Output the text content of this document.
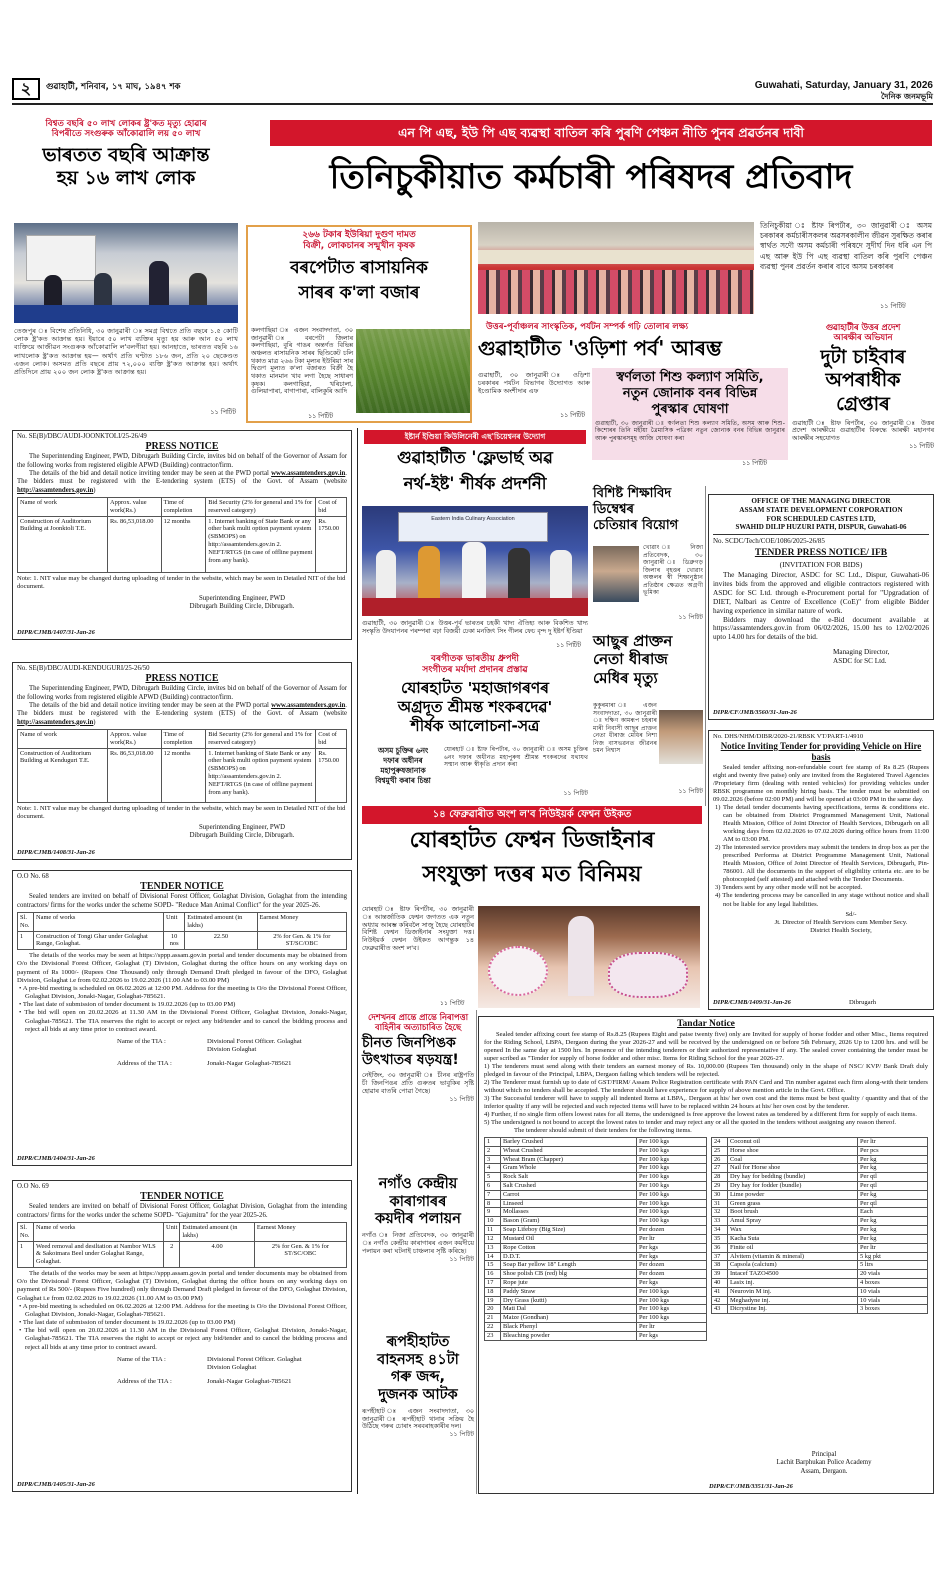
২	গুৱাহাটী, শনিবাৰ, ১৭ মাঘ, ১৯৪৭ শক	Guwahati, Saturday, January 31, 2026
দৈনিক জনমভূমি
বিশ্বত বছৰি ৫০ লাখ লোকৰ ষ্ট্ৰ'কত মৃত্যু হোৱাৰ
বিপৰীতে সংগুৰুক আঁকোৱালি লয় ৫০ লাখ
ভাৰতত বছৰি আক্ৰান্ত
হয় ১৬ লাখ লোক
তেজপুৰ ঃ বিশেষ প্ৰতিনিধি, ৩০ জানুৱাৰী ঃ সমগ্ৰ বিশ্বতে প্ৰতি বছৰে ১.৫ কোটি লোক ষ্ট্ৰ'কত আক্ৰান্ত হয়। ইয়াৰে ৫০ লাখ ব্যক্তিৰ মৃত্যু হয় আৰু আন ৫০ লাখ ব্যক্তিয়ে আজীৱন সংগুৰুক আঁকোৱালি ল'বলগীয়া হয়। আনহাতে, ভাৰতত বছৰি ১৬ লাখলোক ষ্ট্ৰ'কত আক্ৰান্ত হয়— অৰ্থাৎ প্ৰতি ঘণ্টাত ১৮৬ জন, প্ৰতি ২০ ছেকেণ্ডত এজন লোক। অসমত প্ৰতি বছৰে প্ৰায় ৭২,০০০ ব্যক্তি ষ্ট্ৰ'কত আক্ৰান্ত হয়। অৰ্থাৎ প্ৰতিদিনে প্ৰায় ২০০ জন লোক ষ্ট্ৰ'কত আক্ৰান্ত হয়।
১১ পিটিট
এন পি এছ, ইউ পি এছ ব্যৱস্থা বাতিল কৰি পুৰণি পেঞ্চন নীতি পুনৰ প্ৰৱৰ্তনৰ দাবী
তিনিচুকীয়াত কৰ্মচাৰী পৰিষদৰ প্ৰতিবাদ
২৬৬ টকাৰ ইউৰিয়া দুগুণ দামত
বিক্ৰী, লোকচানৰ সন্মুখীন কৃষক
বৰপেটাত ৰাসায়নিক
সাৰৰ ক'লা বজাৰ
কলগাছিয়া ঃ এজন সংবাদদাতা, ৩০ জানুৱাৰী ঃ বৰপেটা জিলাৰ কলগাছিয়া, বুৰি গাঙৰ অন্তৰ্গত বিভিন্ন অঞ্চলত ৰাসায়নিক সাৰৰ ছিণ্ডিকেট চলি থকাত মাত্ৰ ২৬৬ টকা মূল্যৰ ইউৰিয়া সাৰ দ্বিগুণ মূল্যত ক'লা বজাৰত বিক্ৰী হৈ থকাত মানমান খাব লগা হৈছে সাধাৰণ কৃষক। কলগাছিয়া, খৰিচালা, গুলিয়াপাৰা, বাগাপাৰা, বালিকুৰি আদি
১১ পিটিট
তিনিচুকীয়া ঃ ষ্টাফ ৰিপৰ্টাৰ, ৩০ জানুৱাৰী ঃ অসম চৰকাৰৰ কৰ্মচাৰীসকলৰ অৱসৰকালীন জীৱন সুৰক্ষিত কৰাৰ স্বাৰ্থত সদৌ অসম কৰ্মচাৰী পৰিষদে সুদীৰ্ঘ দিন ধৰি এন পি এছ আৰু ইউ পি এছ ব্যৱস্থা বাতিল কৰি পুৰণি পেঞ্চন ব্যৱস্থা পুনৰ প্ৰৱৰ্তন কৰাৰ বাবে অসম চৰকাৰৰ
১১ পিটিট
উত্তৰ-পূৰ্বাঞ্চলৰ সাংস্কৃতিক, পৰ্যটন সম্পৰ্ক গঢ়ি তোলাৰ লক্ষ্য
গুৱাহাটীত 'ওড়িশা পৰ্ব' আৰম্ভ
গুৱাহাটী, ৩০ জানুৱাৰী ঃ ওড়িশা চৰকাৰৰ পৰ্যটন বিভাগৰ উদ্যোগত আৰু ইণ্ডোমিক অংশীদাৰ এফ
১১ পিটিট
স্বৰ্ণলতা শিশু কল্যাণ সমিতি,
নতুন জোনাক বনৰ বিভিন্ন
পুৰস্কাৰ ঘোষণা
গুৱাহাটী, ৩০ জানুৱাৰী ঃ স্বৰ্ণলতা শিশু কল্যাণ সমিতি, অসম আৰু শিশু-কিশোৰৰ তিনি মহীয়া ত্ৰৈমাসিক পত্ৰিকা নতুন জোনাক বনৰ বিভিন্ন জানুৱাৰ আৰু পুৰস্কাৰসমূহ আজি ঘোষণা কৰা
১১ পিটিট
গুৱাহাটীৰ উত্তৰ প্ৰদেশ
আৰক্ষীৰ অভিযান
দুটা চাইবাৰ
অপৰাধীক
গ্ৰেপ্তাৰ
গুৱাহাটী ঃ ষ্টাফ ৰিপৰ্টাৰ, ৩০ জানুৱাৰী ঃ উত্তৰ প্ৰদেশ আৰক্ষীয়ে গুৱাহাটীৰ বিৰুদ্ধে আৰক্ষী মহানগৰ আৰক্ষীৰ সহযোগত
১১ পিটিট
No. SE(B)/DBC/AUDI-JOONKTOLI/25-26/49
PRESS NOTICE
The Superintending Engineer, PWD, Dibrugarh Building Circle, invites bid on behalf of the Governor of Assam for the following works from registered eligible APWD (Building) contractor/firm.
The details of the bid and detail notice inviting tender may be seen at the PWD portal www.assamtenders.gov.in. The bidders must be registered with the E-tendering system (ETS) of the Govt. of Assam (website http://assamtenders.gov.in)
Name of work	Approx. value work(Rs.)	Time of completion	Bid Security (2% for general and 1% for reserved category)	Cost of bid
Construction of Auditorium Building at Joonktoli T.E.	Rs. 86,53,018.00	12 months	1. Internet banking of State Bank or any other bank multi option payment system (SBMOPS) on http://assamtenders.gov.in 2. NEFT/RTGS (in case of offline payment from any bank).	Rs. 1750.00
Note: 1. NIT value may be changed during uploading of tender in the website, which may be seen in Detailed NIT of the bid document.
Superintending Engineer, PWD
Dibrugarh Building Circle, Dibrugarh.
DIPR/CJMB/1407/31-Jan-26
No. SE(B)/DBC/AUDI-KENDUGURI/25-26/50
PRESS NOTICE
The Superintending Engineer, PWD, Dibrugarh Building Circle, invites bid on behalf of the Governor of Assam for the following works from registered eligible APWD (Building) contractor/firm.
The details of the bid and detail notice inviting tender may be seen at the PWD portal www.assamtenders.gov.in. The bidders must be registered with the E-tendering system (ETS) of the Govt. of Assam (website http://assamtenders.gov.in)
Name of work	Approx. value work(Rs.)	Time of completion	Bid Security (2% for general and 1% for reserved category)	Cost of bid
Construction of Auditorium Building at Kenduguri T.E.	Rs. 86,53,018.00	12 months	1. Internet banking of State Bank or any other bank multi option payment system (SBMOPS) on http://assamtenders.gov.in 2. NEFT/RTGS (in case of offline payment from any bank).	Rs. 1750.00
Note: 1. NIT value may be changed during uploading of tender in the website, which may be seen in Detailed NIT of the bid document.
Superintending Engineer, PWD
Dibrugarh Building Circle, Dibrugarh.
DIPR/CJMB/1408/31-Jan-26
O.O No. 68
TENDER NOTICE
Sealed tenders are invited on behalf of Divisional Forest Officer, Golaghat Division, Golaghat from the intending contractors/ firms for the works under the scheme SOPD- "Reduce Man Animal Conflict" for the year 2025-26.
Sl. No.	Name of works	Unit	Estimated amount (in lakhs)	Earnest Money
1	Construction of Tongi Ghar under Golaghat Range, Golaghat.	10 nos	22.50	2% for Gen. & 1% for ST/SC/OBC
The details of the works may be seen at https://sppp.assam.gov.in portal and tender documents may be obtained from O/o the Divisional Forest Officer, Golaghat (T) Division, Golaghat during the office hours on any working days on payment of Rs 1000/- (Rupees One Thousand) only through Demand Draft pledged in favour of the DFO, Golaghat Division, Golaghat i.e from 02.02.2026 to 19.02.2026 (11.00 AM to 03.00 PM)
• A pre-bid meeting is scheduled on 06.02.2026 at 12:00 PM. Address for the meeting is O/o the Divisional Forest Officer, Golaghat Division, Jonaki-Nagar, Golaghat-785621.
• The last date of submission of tender document is 19.02.2026 (up to 03.00 PM)
• The bid will open on 20.02.2026 at 11.30 AM in the Divisional Forest Officer, Golaghat Division, Jonaki-Nagar, Golaghat-785621. The TIA reserves the right to accept or reject any bid/tender and to cancel the bidding process and reject all bids at any time prior to contract award.
Name of the TIA :	Divisional Forest Officer. Golaghat Division Golaghat
Address of the TIA :	Jonaki-Nagar Golaghat-785621
DIPR/CJMB/1404/31-Jan-26
O.O No. 69
TENDER NOTICE
Sealed tenders are invited on behalf of Divisional Forest Officer, Golaghat Division, Golaghat from the intending contractors/ firms for the works under the scheme SOPD- "Gajumitra" for the year 2025-26.
Sl. No.	Name of works	Unit	Estimated amount (in lakhs)	Earnest Money
1	Weed removal and desiltation at Nambor WLS & Sakoimara Beel under Golaghat Range, Golaghat.	2	4.00	2% for Gen. & 1% for ST/SC/OBC
The details of the works may be seen at https://sppp.assam.gov.in portal and tender documents may be obtained from O/o the Divisional Forest Officer, Golaghat (T) Division, Golaghat during the office hours on any working days on payment of Rs 500/- (Rupees Five hundred) only through Demand Draft pledged in favour of the DFO, Golaghat Division, Golaghat i.e from 02.02.2026 to 19.02.2026 (11.00 AM to 03.00 PM)
• A pre-bid meeting is scheduled on 06.02.2026 at 12:00 PM. Address for the meeting is O/o the Divisional Forest Officer, Golaghat Division, Jonaki-Nagar, Golaghat-785621.
• The last date of submission of tender document is 19.02.2026 (up to 03.00 PM)
• The bid will open on 20.02.2026 at 11.30 AM in the Divisional Forest Officer, Golaghat Division, Jonaki-Nagar, Golaghat-785621. The TIA reserves the right to accept or reject any bid/tender and to cancel the bidding process and reject all bids at any time prior to contract award.
Name of the TIA :	Divisional Forest Officer. Golaghat Division Golaghat
Address of the TIA :	Jonaki-Nagar Golaghat-785621
DIPR/CJMB/1405/31-Jan-26
ইষ্টাৰ্ন ইণ্ডিয়া কিউলিনেৰী এছ'চিয়েশ্বনৰ উদ্যোগ
গুৱাহাটীত 'ফ্লেভাৰ্ছ অৱ
নৰ্থ-ইষ্ট' শীৰ্ষক প্ৰদৰ্শনী
Eastern India Culinary Association
গুৱাহাটী, ৩০ জানুৱাৰী ঃ উত্তৰ-পূৰ্ব ভাৰতৰ চহকী খাদ্য ঐতিহ্য আৰু বিকশিত খাদ্য সংস্কৃতি উদযাপনৰ পৰম্পৰা বঢ়া বিজয়ী ঢেকা মনজিৎ সিং গীলৰ ফেচ বৃন্দ দু ইষ্টৰ্ণ ইণ্ডিয়া
১১ পিটিট
বিশিষ্ট শিক্ষাবিদ
ডিম্বেশ্বৰ
চেতিয়াৰ বিয়োগ
খোৱাং ঃ নিজা প্ৰতিবেদক, ৩০ জানুৱাৰী ঃ ডিব্ৰুগড় জিলাৰ বৃহত্তৰ খোৱাং অঞ্চলৰ স্বী শিক্ষানুষ্ঠান প্ৰতিষ্ঠাৰ ক্ষেত্ৰত অগ্ৰণী ভূমিকা
১১ পিটিট
আছুৰ প্ৰাক্তন
নেতা ধীৰাজ
মেধিৰ মৃত্যু
কুকুৰমাৰা ঃ এজন সংবাদদাতা, ৩০ জানুৱাৰী ঃ দক্ষিণ কামৰূপ চহৰাৰ মাৰী নিবাসী আছুৰ প্ৰাক্তন নেতা ধীৰাজ মেধিৰ নিশা নিজ বাসভৱনত জীৱনৰ চমন নিশ্বাস
১১ পিটিট
বৰগীতক ভাৰতীয় ধ্ৰুপদী
সংগীতৰ মৰ্যাদা প্ৰদানৰ প্ৰস্তাৱ
যোৰহাটত 'মহাজাগৰণৰ
অগ্ৰদূত শ্ৰীমন্ত শংকৰদেৱ'
শীৰ্ষক আলোচনা-সত্ৰ
অসম চুক্তিৰ ৬নং
দফাৰ অধীনৰ
মহাপুৰুষজানাক
বিশ্বমুখী কৰাৰ চিন্তা
যোৰহাট ঃ ষ্টাফ ৰিপৰ্টাৰ, ৩০ জানুৱাৰী ঃ অসম চুক্তিৰ ৬নং দফাৰ অধীনত মহাপুৰুষ শ্ৰীমন্ত শংকৰদেৱ যথাযথ সম্মান আৰু স্বীকৃতি প্ৰদান কৰা
১১ পিটিট
১৪ ফেব্ৰুৱাৰীত অংশ ল'ব নিউইয়ৰ্ক ফেশ্বন উইকত
যোৰহাটত ফেশ্বন ডিজাইনাৰ
সংযুক্তা দত্তৰ মত বিনিময়
যোৰহাট ঃ ষ্টাফ ৰিপৰ্টাৰ, ৩০ জানুৱাৰী ঃ আন্তৰ্জাতিক ফেশ্বন জগতত এক নতুন অধ্যায় আৰম্ভ কৰিবলৈ সাজু হৈছে যোৰহাটৰ বিশিষ্ট ফেশ্বন ডিজাইনাৰ সংযুক্তা দত্ত। নিউইয়ৰ্ক ফেশ্বন উইকত আগন্তুক ১৪ ফেব্ৰুৱাৰীত অংশ ল'ব।
১১ পিটিট
দেশখনৰ প্ৰান্তে প্ৰান্তে নিৰাপত্তা বাহিনীৰ অত্যাচাৰিত হৈছে
চীনত জিনপিঙক
উৎখাতৰ ষড়যন্ত্ৰ!
নেইজিং, ৩০ জানুৱাৰী ঃ চীনৰ ৰাষ্ট্ৰপতি চী জিনপিঙৰ প্ৰতি গুৰুতৰ ভাবুকিৰ সৃষ্টি হোৱাৰ বাতৰি পোৱা গৈছে।
১১ পিটিট
নগাঁও কেন্দ্ৰীয়
কাৰাগাৰৰ
কয়দীৰ পলায়ন
নগাঁও ঃ নিজা প্ৰতিবেদক, ৩০ জানুৱাৰী ঃ নগাঁও কেন্দ্ৰীয় কাৰাগাৰৰ এজন কয়দীয়ে পলায়ন কৰা ঘটনাই চাঞ্চল্যৰ সৃষ্টি কৰিছে।
১১ পিটিট
ৰূপহীহাটত
বাহনসহ ৪১টা
গৰু জব্দ,
দুজনক আটক
ৰূপহীহাট ঃ এজন সংবাদদাতা, ৩০ জানুৱাৰী ঃ ৰূপহীহাট থানাৰ সক্ৰিয় হৈ উঠিছে গৰুৰ চোৰাং সৰবৰাহকাৰীৰ দল।
১১ পিটিট
OFFICE OF THE MANAGING DIRECTOR
ASSAM STATE DEVELOPMENT CORPORATION
FOR SCHEDULED CASTES LTD,
SWAHID DILIP HUZURI PATH, DISPUR, Guwahati-06
No. SCDC/Tech/COE/1086/2025-26/85
TENDER PRESS NOTICE/ IFB
(INVITATION FOR BIDS)
The Managing Director, ASDC for SC Ltd., Dispur, Guwahati-06 invites bids from the approved and eligible contractors registered with ASDC for SC Ltd. through e-Procurement portal for "Upgradation of DIET, Nalbari as Centre of Excellence (CoE)" from eligible Bidder having experience in similar nature of work.
Bidders may download the e-Bid document available at https://assamtenders.gov.in from 06/02/2026, 15.00 hrs to 12/02/2026 upto 14.00 hrs for details of the bid.
Managing Director,
ASDC for SC Ltd.
DIPR/CF/JMB/3560/31-Jan-26
No. DHS/NHM/DIBR/2020-21/RBSK VT/PART-1/4910
Notice Inviting Tender for providing Vehicle on Hire basis
Sealed tender affixing non-refundable court fee stamp of Rs 8.25 (Rupees eight and twenty five paise) only are invited from the Registered Travel Agencies /Proprietary firm (dealing with rented vehicles) for providing vehicles under RBSK programme on monthly hiring basis. The tender must be submitted on 09.02.2026 (before 02:00 PM) and will be opened at 03:00 PM in the same day.
1) The detail tender documents having specifications, terms & conditions etc. can be obtained from District Programmed Management Unit, National Health Mission, Office of Joint Director of Health Services, Dibrugarh on all working days from 02.02.2026 to 07.02.2026 during office hours from 11:00 AM to 03:00 PM.
2) The interested service providers may submit the tenders in drop box as per the prescribed Performa at District Programme Management Unit, National Health Mission, Office of Joint Director of Health Services, Dibrugarh, Pin- 786001. All the documents in the support of eligibility criteria etc. are to be photocopied (self attested) and attached with the Tender Documents.
3) Tenders sent by any other mode will not be accepted.
4) The tendering process may be cancelled in any stage without notice and shall not be liable for any legal liabilities.
Sd/-
Jt. Director of Health Services cum Member Secy.
District Health Society,
DIPR/CJMB/1409/31-Jan-26	Dibrugarh
Tandar Notice
Sealed tender affixing court fee stamp of Rs.8.25 (Rupees Eight and paise twenty five) only are Invited for supply of horse fodder and other Misc., Items required for the Riding School, LBPA, Dergaon during the year 2026-27 and will be received by the undersigned on or before 5th February, 2026 Up to 1200 hrs. and will be opened In the same day at 1500 hrs. In presence of the intending tenderers or their authorized representative if any. The sealed cover containing the tender must be super scribed as "Tender for supply of horse fodder and other misc. Items for Riding School for the year 2026-27.
1) The tenderers must send along with their tenders an earnest money of Rs. 10,000.00 (Rupees Ten thousand) only in the shape of NSC/ KVP/ Bank Draft duly pledged in favour of the Principal, LBPA, Dergaon failing which tenders will be rejected.
2) The Tenderer must furnish up to date of GST/FIRM/ Assam Police Registration certificate with PAN Card and Tin number against each firm along-with their tenders without which no tenders shall be accepted. The tenderer should have experience for supply of above mention article in the Govt. Office.
3) The Successful tenderer will have to supply all indented Items at LBPA,. Dergaon at his/ her own cost and the items must be best quality / quantity and that of the inferior quality if any will be rejected and such rejected items will have to be replaced within 24 hours at his/ her own cost by the tenderer.
4) Further, if no single firm offers lowest rates for all items, the undersigned is free approve the lowest rates as tendered by a different firm for supply of each items.
5) The undersigned is not bound to accept the lowest rates to tender and may reject any or all the quoted in the tenders without assigning any reason thereof.
The tenderer should submit of their tenders for the following items.
1	Barley Crushed	Per 100 kgs
2	Wheat Crushed	Per 100 kgs
3	Wheat Bram (Chapper)	Per 100 kgs
4	Gram Whole	Per 100 kgs
5	Rock Salt	Per 100 kgs
6	Salt Crushed	Per 100 kgs
7	Carrot	Per 100 kgs
8	Linseed	Per 100 kgs
9	Mollasses	Per 100 kgs
10	Bason (Gram)	Per 100 kgs
11	Soap Lifeboy (Big Size)	Per dozen
12	Mustard Oil	Per ltr
13	Rope Cotton	Per kgs
14	D.D.T.	Per kgs
15	Soap Bar yellow 18" Length	Per dozen
16	Shoe polish CB (red) blg	Per dozen
17	Rope jute	Per kgs
18	Paddy Straw	Per 100 kgs
19	Dry Grass (kutti)	Per 100 kgs
20	Mati Dal	Per 100 kgs
21	Maize (Gondhan)	Per 100 kgs
22	Black Phenyl	Per ltr
23	Bleaching powder	Per kgs
24	Coconut oil	Per ltr
25	Horse shoe	Per pcs
26	Coal	Per kg
27	Nail for Horse shoe	Per kg
28	Dry hay for bedding (bundle)	Per qtl
29	Dry hay for fodder (bundle)	Per qtl
30	Lime powder	Per kg
31	Green grass	Per qtl
32	Boot brush	Each
33	Amul Spray	Per kg
34	Wax	Per kg
35	Kacha Suta	Per kg
36	Finite oil	Per ltr
37	Alvitem (vitamin & mineral)	5 kg pkt
38	Capsola (calcium)	5 ltrs
39	Intacef TAZO4500	20 vials
40	Lasix inj.	4 boxes
41	Neurovin M inj.	10 vials
42	Meghadyne inj.	10 vials
43	Dicrystine Inj.	3 boxes
Principal
Lachit Barphukan Police Academy
Assam, Dergaon.
DIPR/CF/JMB/3351/31-Jan-26
